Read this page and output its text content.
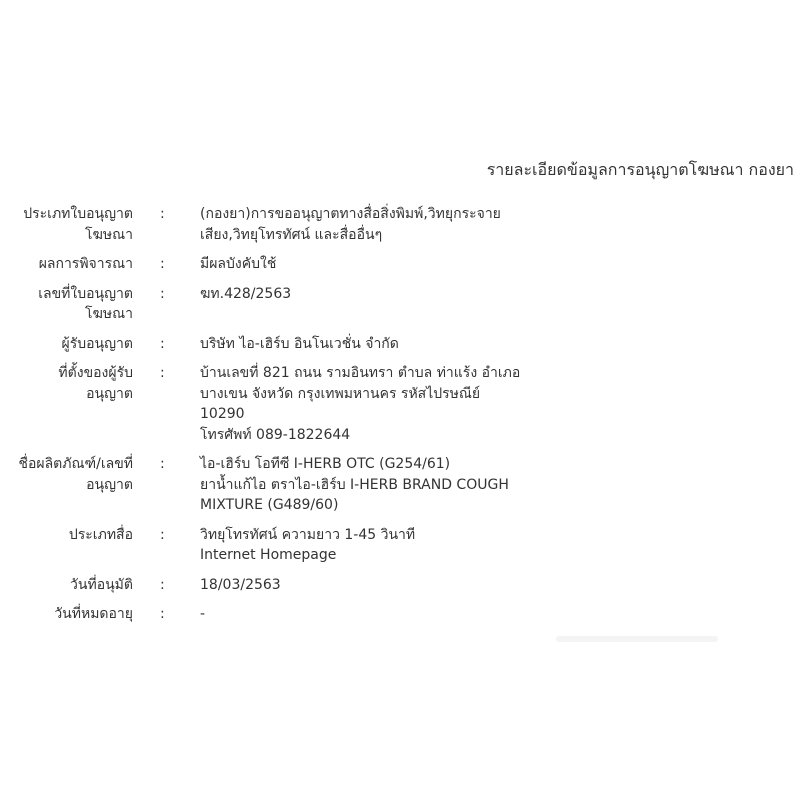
รายละเอียดข้อมูลการอนุญาตโฆษณา กองยา
ประเภทใบอนุญาต
โฆษณา
:	(กองยา)การขออนุญาตทางสื่อสิ่งพิมพ์,วิทยุกระจาย
เสียง,วิทยุโทรทัศน์ และสื่ออื่นๆ
ผลการพิจารณา	:	มีผลบังคับใช้
เลขที่ใบอนุญาต
โฆษณา
:	ฆท.428/2563
ผู้รับอนุญาต	:	บริษัท ไอ-เฮิร์บ อินโนเวชั่น จำกัด
ที่ตั้งของผู้รับ
อนุญาต
:	บ้านเลขที่ 821 ถนน รามอินทรา ตำบล ท่าแร้ง อำเภอ
บางเขน จังหวัด กรุงเทพมหานคร รหัสไปรษณีย์
10290
โทรศัพท์ 089-1822644
ชื่อผลิตภัณฑ์/เลขที่
อนุญาต
:	ไอ-เฮิร์บ โอทีซี I-HERB OTC (G254/61)
ยาน้ำแก้ไอ ตราไอ-เฮิร์บ I-HERB BRAND COUGH
MIXTURE (G489/60)
ประเภทสื่อ	:	วิทยุโทรทัศน์ ความยาว 1-45 วินาที
Internet Homepage
วันที่อนุมัติ	:	18/03/2563
วันที่หมดอายุ	:	-
